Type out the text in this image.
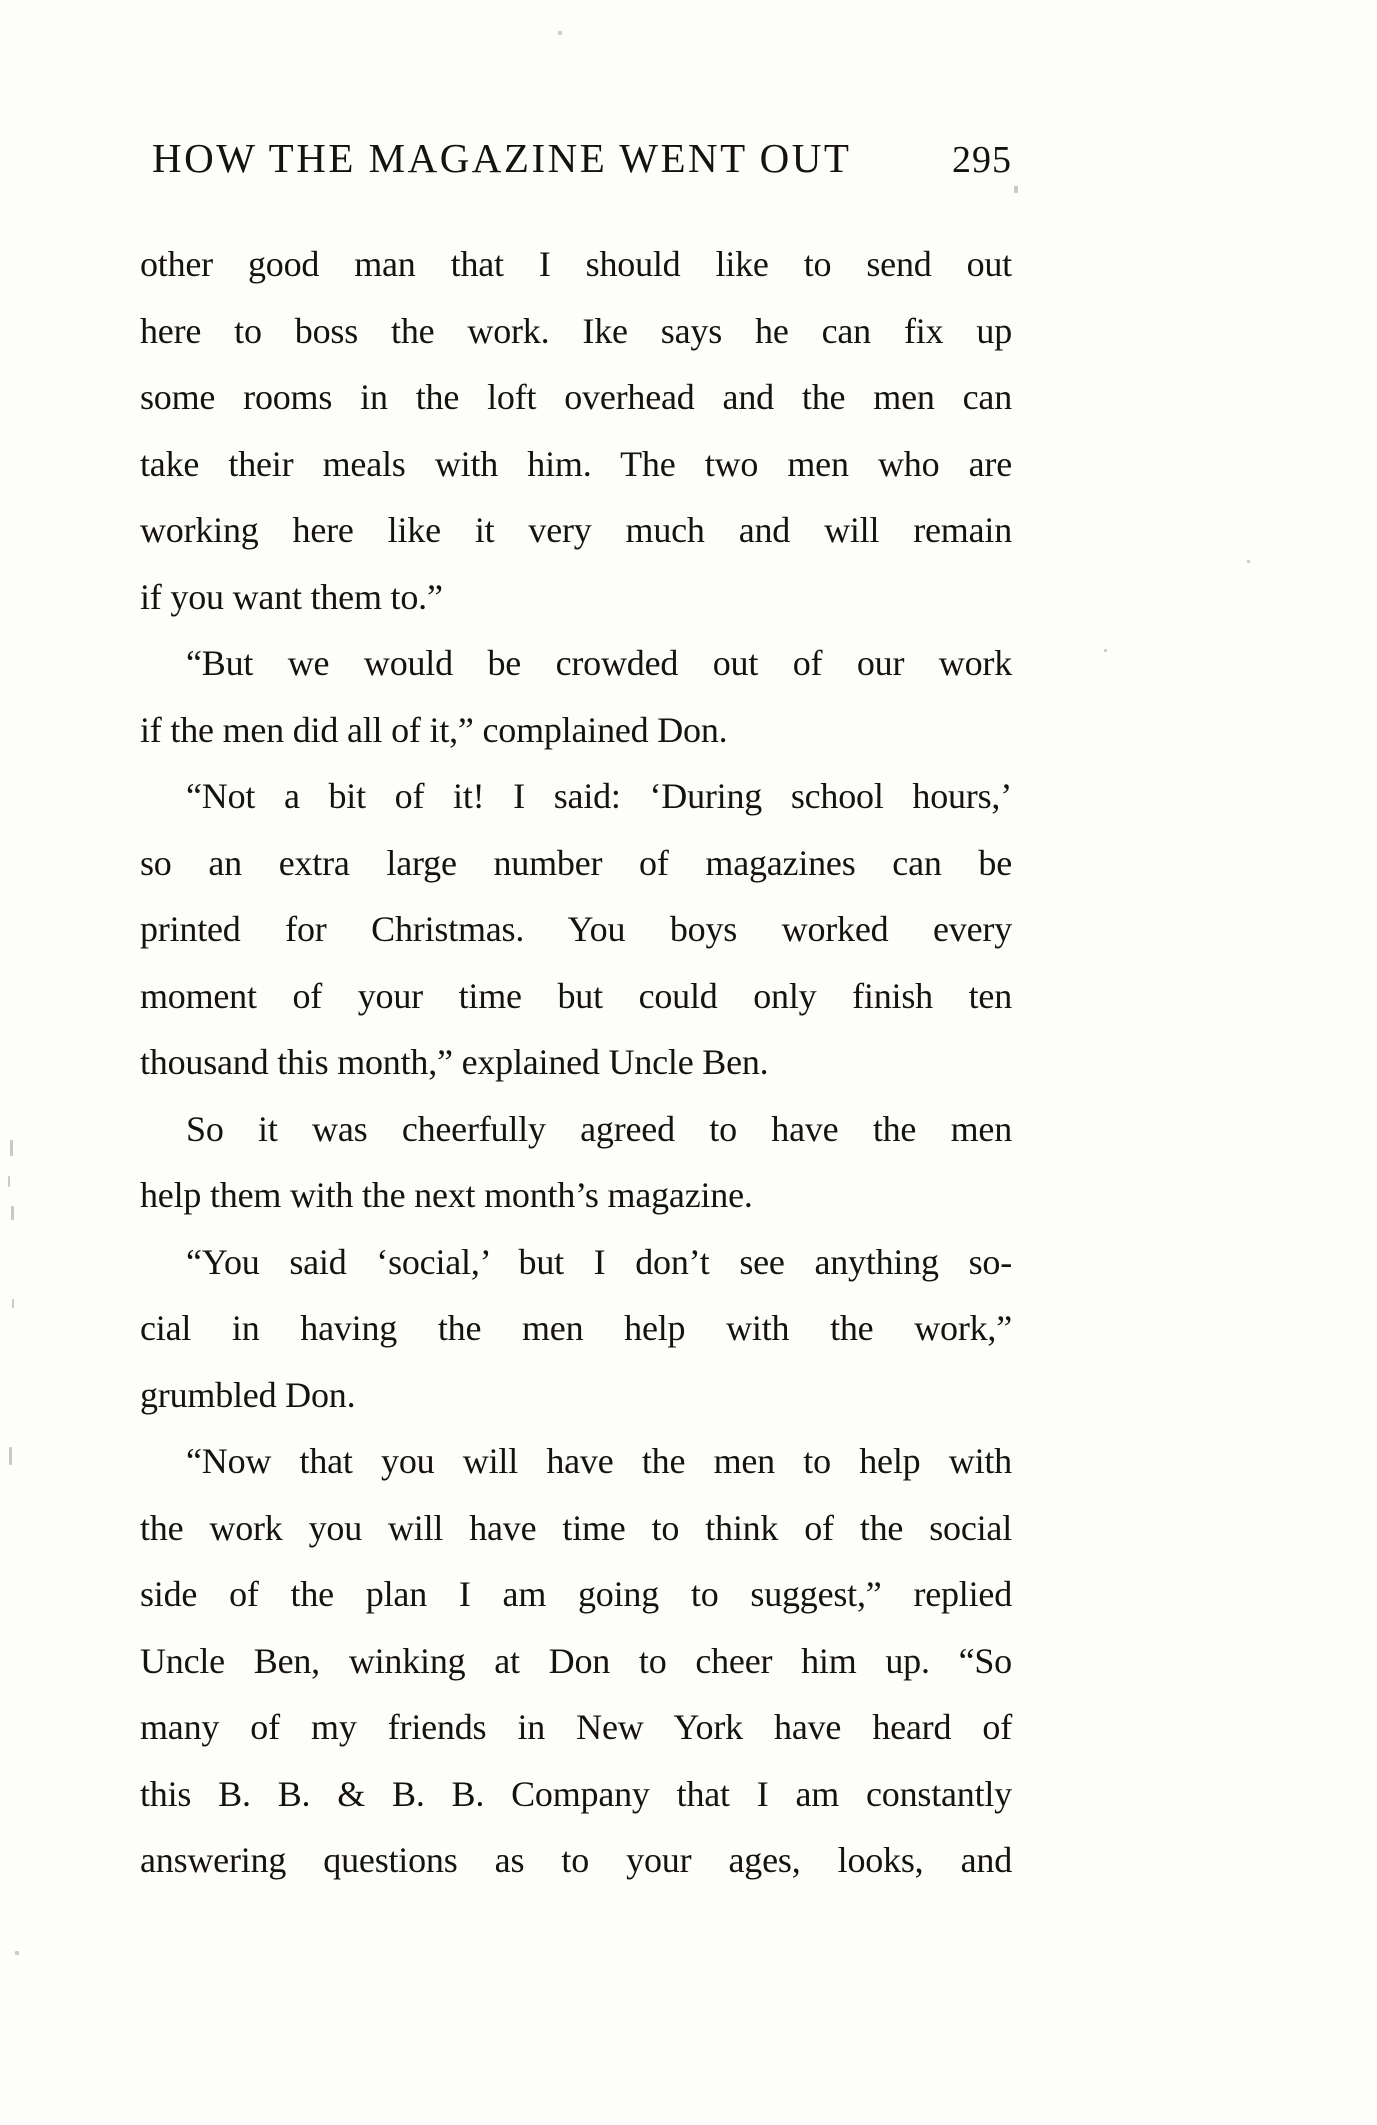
HOW THE MAGAZINE WENT OUT	295
other good man that I should like to send out
here to boss the work. Ike says he can fix up
some rooms in the loft overhead and the men can
take their meals with him. The two men who are
working here like it very much and will remain
if you want them to.”
“But we would be crowded out of our work
if the men did all of it,” complained Don.
“Not a bit of it! I said: ‘During school hours,’
so an extra large number of magazines can be
printed for Christmas. You boys worked every
moment of your time but could only finish ten
thousand this month,” explained Uncle Ben.
So it was cheerfully agreed to have the men
help them with the next month’s magazine.
“You said ‘social,’ but I don’t see anything so-
cial in having the men help with the work,”
grumbled Don.
“Now that you will have the men to help with
the work you will have time to think of the social
side of the plan I am going to suggest,” replied
Uncle Ben, winking at Don to cheer him up. “So
many of my friends in New York have heard of
this B. B. & B. B. Company that I am constantly
answering questions as to your ages, looks, and
